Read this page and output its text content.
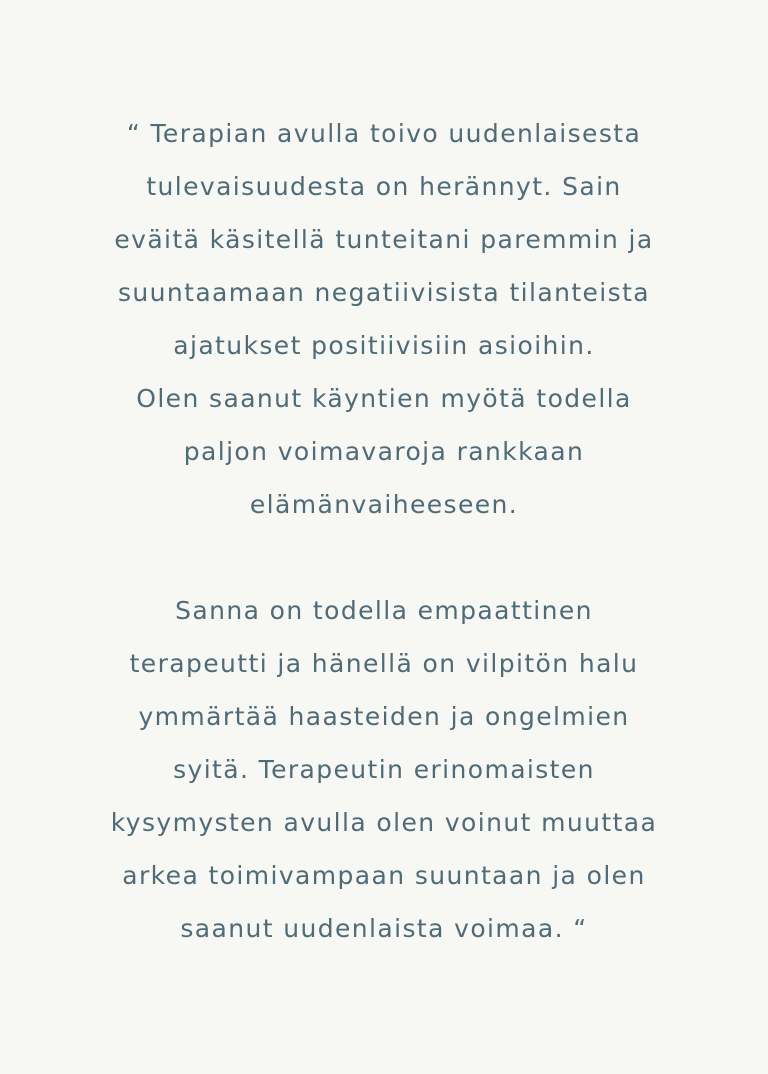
“ Terapian avulla toivo uudenlaisesta
tulevaisuudesta on herännyt. Sain
eväitä käsitellä tunteitani paremmin ja
suuntaamaan negatiivisista tilanteista
ajatukset positiivisiin asioihin.
Olen saanut käyntien myötä todella
paljon voimavaroja rankkaan
elämänvaiheeseen.

Sanna on todella empaattinen
terapeutti ja hänellä on vilpitön halu
ymmärtää haasteiden ja ongelmien
syitä. Terapeutin erinomaisten
kysymysten avulla olen voinut muuttaa
arkea toimivampaan suuntaan ja olen
saanut uudenlaista voimaa. “
